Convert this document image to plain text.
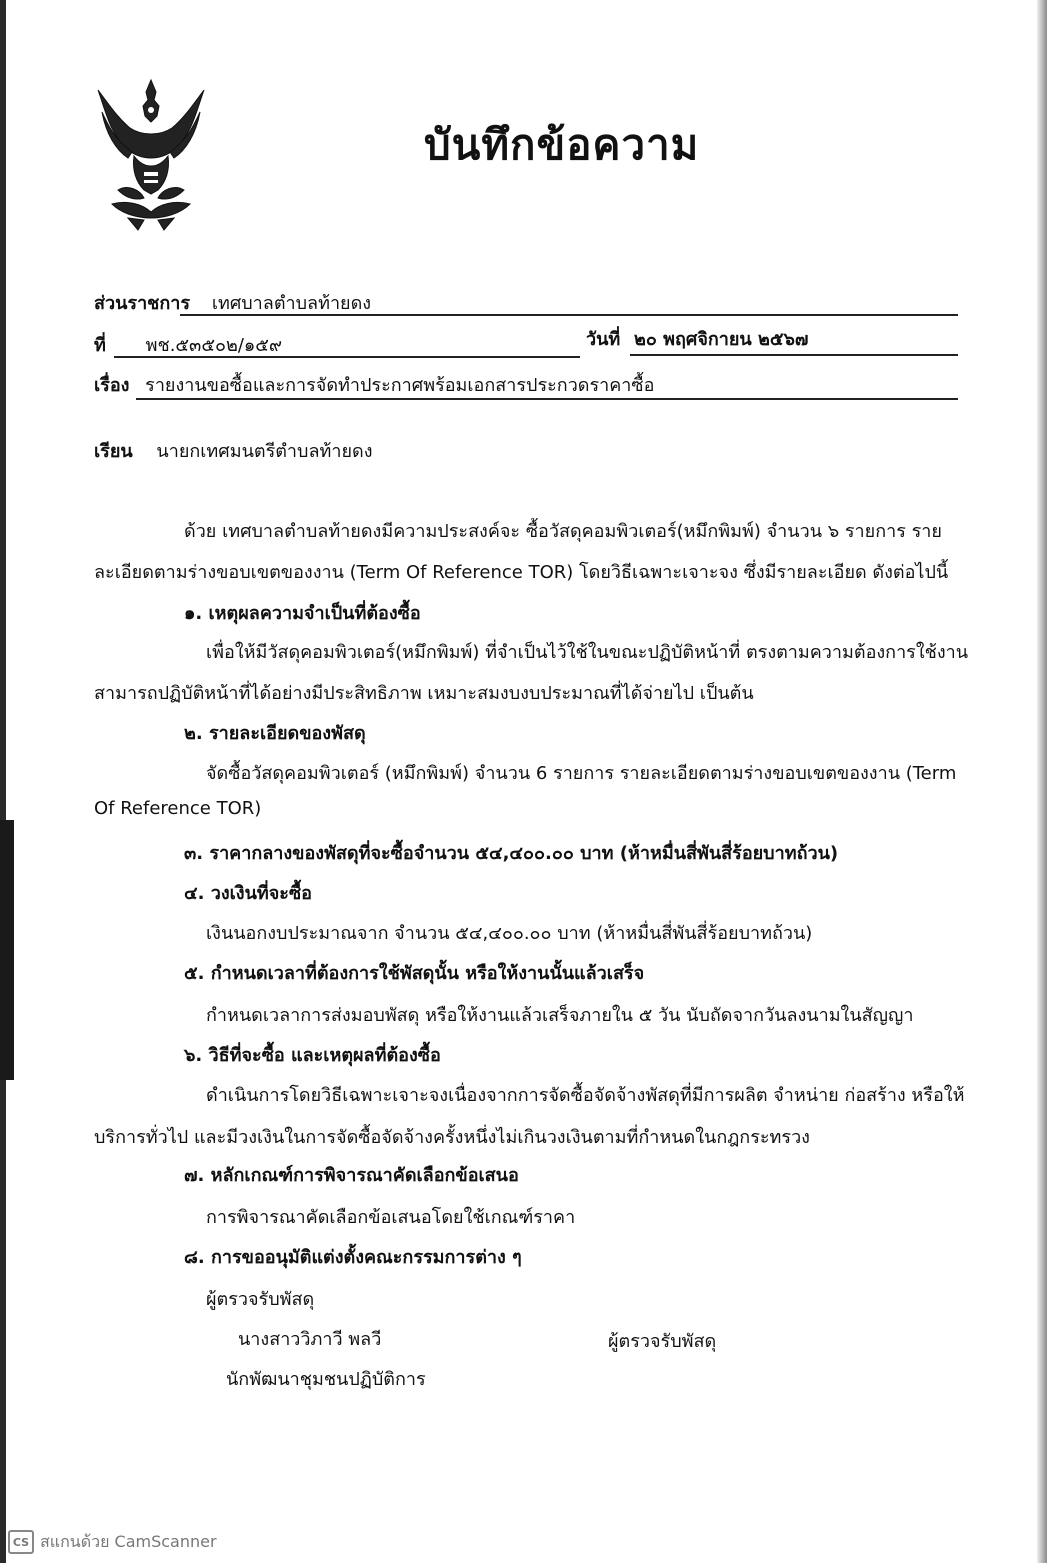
บันทึกข้อความ
ส่วนราชการ เทศบาลตำบลท้ายดง
ที่ พช.๕๓๕๐๒/๑๕๙	วันที่ ๒๐ พฤศจิกายน ๒๕๖๗
เรื่อง รายงานขอซื้อและการจัดทำประกาศพร้อมเอกสารประกวดราคาซื้อ
เรียน นายกเทศมนตรีตำบลท้ายดง
ด้วย เทศบาลตำบลท้ายดงมีความประสงค์จะ ซื้อวัสดุคอมพิวเตอร์(หมึกพิมพ์) จำนวน ๖ รายการ ราย
ละเอียดตามร่างขอบเขตของงาน (Term Of Reference TOR) โดยวิธีเฉพาะเจาะจง ซึ่งมีรายละเอียด ดังต่อไปนี้
๑. เหตุผลความจำเป็นที่ต้องซื้อ
เพื่อให้มีวัสดุคอมพิวเตอร์(หมึกพิมพ์) ที่จำเป็นไว้ใช้ในขณะปฏิบัติหน้าที่ ตรงตามความต้องการใช้งาน
สามารถปฏิบัติหน้าที่ได้อย่างมีประสิทธิภาพ เหมาะสมงบงบประมาณที่ได้จ่ายไป เป็นต้น
๒. รายละเอียดของพัสดุ
จัดซื้อวัสดุคอมพิวเตอร์ (หมึกพิมพ์) จำนวน 6 รายการ รายละเอียดตามร่างขอบเขตของงาน (Term
Of Reference TOR)
๓. ราคากลางของพัสดุที่จะซื้อจำนวน ๕๔,๔๐๐.๐๐ บาท (ห้าหมื่นสี่พันสี่ร้อยบาทถ้วน)
๔. วงเงินที่จะซื้อ
เงินนอกงบประมาณจาก จำนวน ๕๔,๔๐๐.๐๐ บาท (ห้าหมื่นสี่พันสี่ร้อยบาทถ้วน)
๕. กำหนดเวลาที่ต้องการใช้พัสดุนั้น หรือให้งานนั้นแล้วเสร็จ
กำหนดเวลาการส่งมอบพัสดุ หรือให้งานแล้วเสร็จภายใน ๕ วัน นับถัดจากวันลงนามในสัญญา
๖. วิธีที่จะซื้อ และเหตุผลที่ต้องซื้อ
ดำเนินการโดยวิธีเฉพาะเจาะจงเนื่องจากการจัดซื้อจัดจ้างพัสดุที่มีการผลิต จำหน่าย ก่อสร้าง หรือให้
บริการทั่วไป และมีวงเงินในการจัดซื้อจัดจ้างครั้งหนึ่งไม่เกินวงเงินตามที่กำหนดในกฎกระทรวง
๗. หลักเกณฑ์การพิจารณาคัดเลือกข้อเสนอ
การพิจารณาคัดเลือกข้อเสนอโดยใช้เกณฑ์ราคา
๘. การขออนุมัติแต่งตั้งคณะกรรมการต่าง ๆ
ผู้ตรวจรับพัสดุ
นางสาววิภาวี พลวี	ผู้ตรวจรับพัสดุ
นักพัฒนาชุมชนปฏิบัติการ
CS สแกนด้วย CamScanner
